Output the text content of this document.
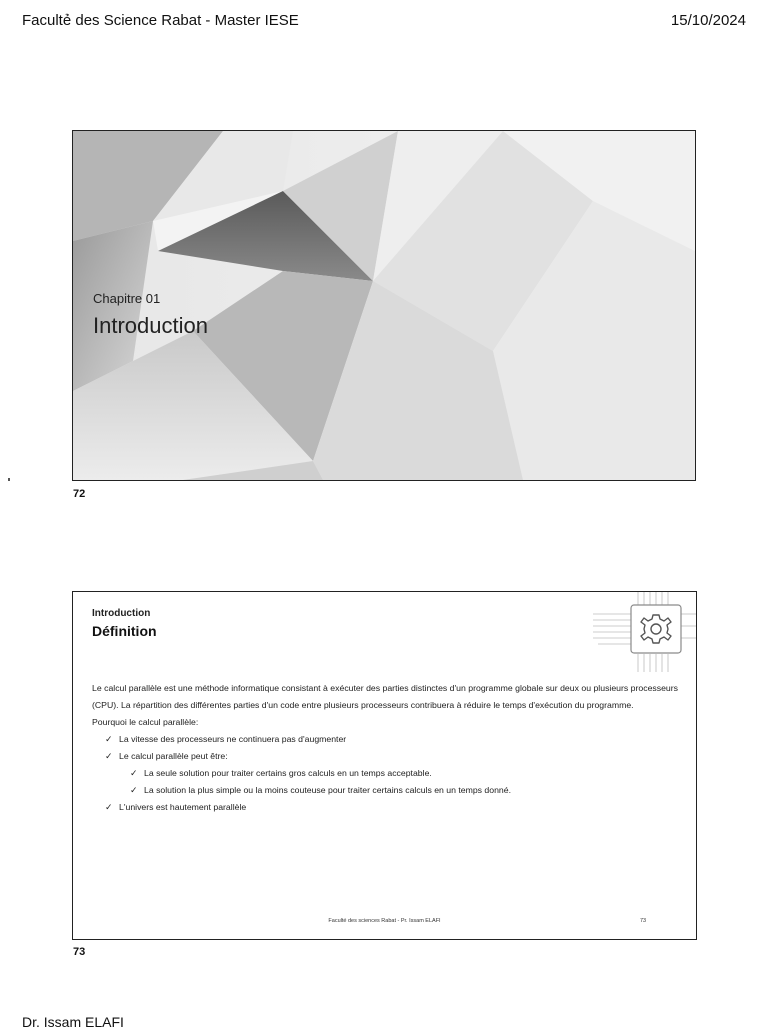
Facultẻ des Science Rabat - Master IESE	15/10/2024
Chapitre 01
Introduction
72
Introduction
Définition

Le calcul parallèle est une méthode informatique consistant à exécuter des parties distinctes d'un programme globale sur deux ou plusieurs processeurs (CPU). La répartition des différentes parties d'un code entre plusieurs processeurs contribuera à réduire le temps d'exécution du programme.

Pourquoi le calcul parallèle:
✓ La vitesse des processeurs ne continuera pas d'augmenter
✓ Le calcul parallèle peut être:
✓ La seule solution pour traiter certains gros calculs en un temps acceptable.
✓ La solution la plus simple ou la moins couteuse pour traiter certains calculs en un temps donné.
✓ L'univers est hautement parallèle
Faculté des sciences Rabat - Pr. Issam ELAFI	73
73
Dr. Issam ELAFI
